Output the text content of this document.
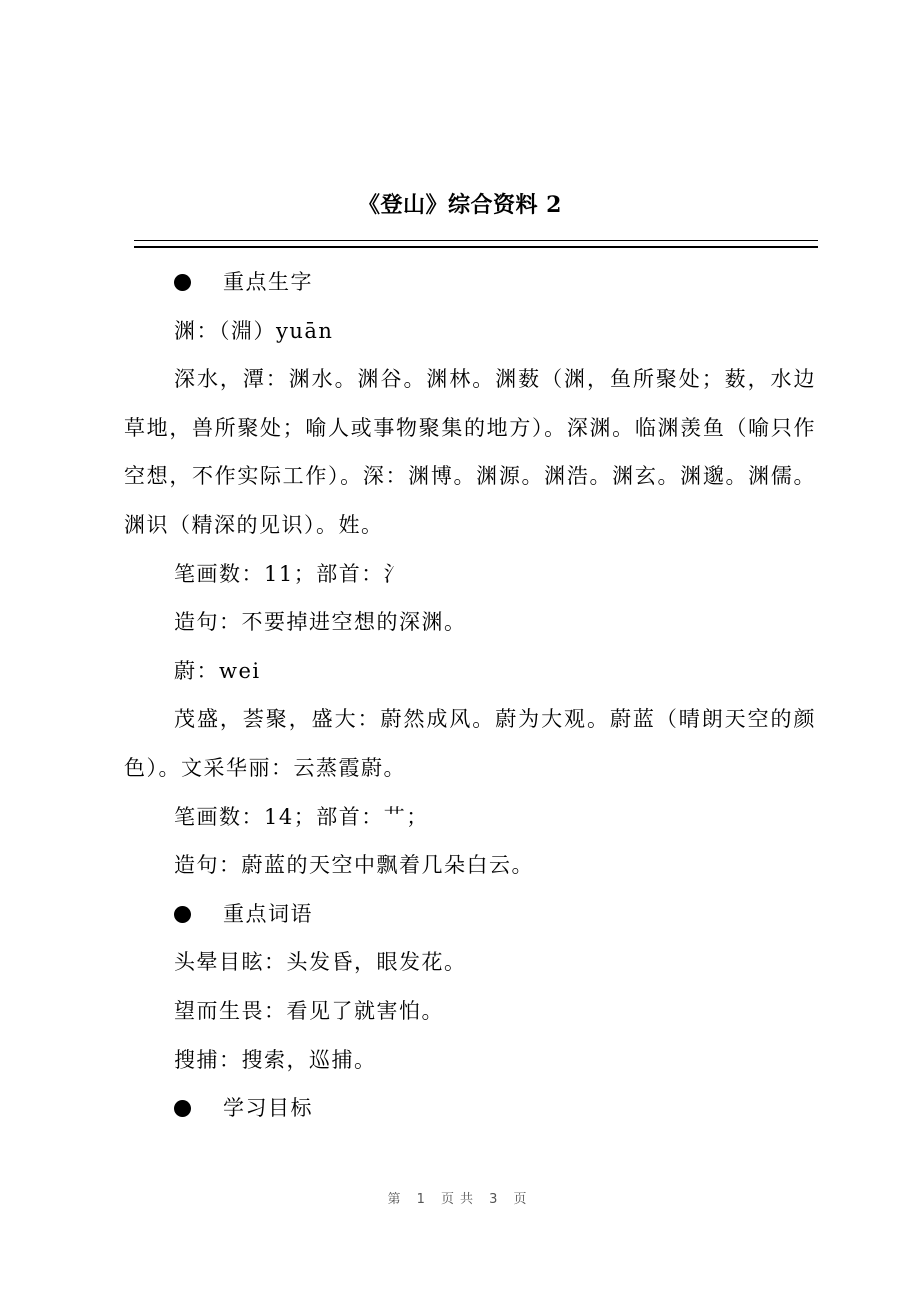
《登山》综合资料 2
重点生字

渊：（淵）yuān

深水，潭：渊水。渊谷。渊林。渊薮（渊，鱼所聚处；薮，水边草地，兽所聚处；喻人或事物聚集的地方）。深渊。临渊羡鱼（喻只作空想，不作实际工作）。深：渊博。渊源。渊浩。渊玄。渊邈。渊儒。渊识（精深的见识）。姓。

笔画数：11；部首：氵

造句：不要掉进空想的深渊。

蔚：wei

茂盛，荟聚，盛大：蔚然成风。蔚为大观。蔚蓝（晴朗天空的颜色）。文采华丽：云蒸霞蔚。

笔画数：14；部首：艹；

造句：蔚蓝的天空中飘着几朵白云。

重点词语

头晕目眩：头发昏，眼发花。

望而生畏：看见了就害怕。

搜捕：搜索，巡捕。

学习目标
第 1 页共 3 页
